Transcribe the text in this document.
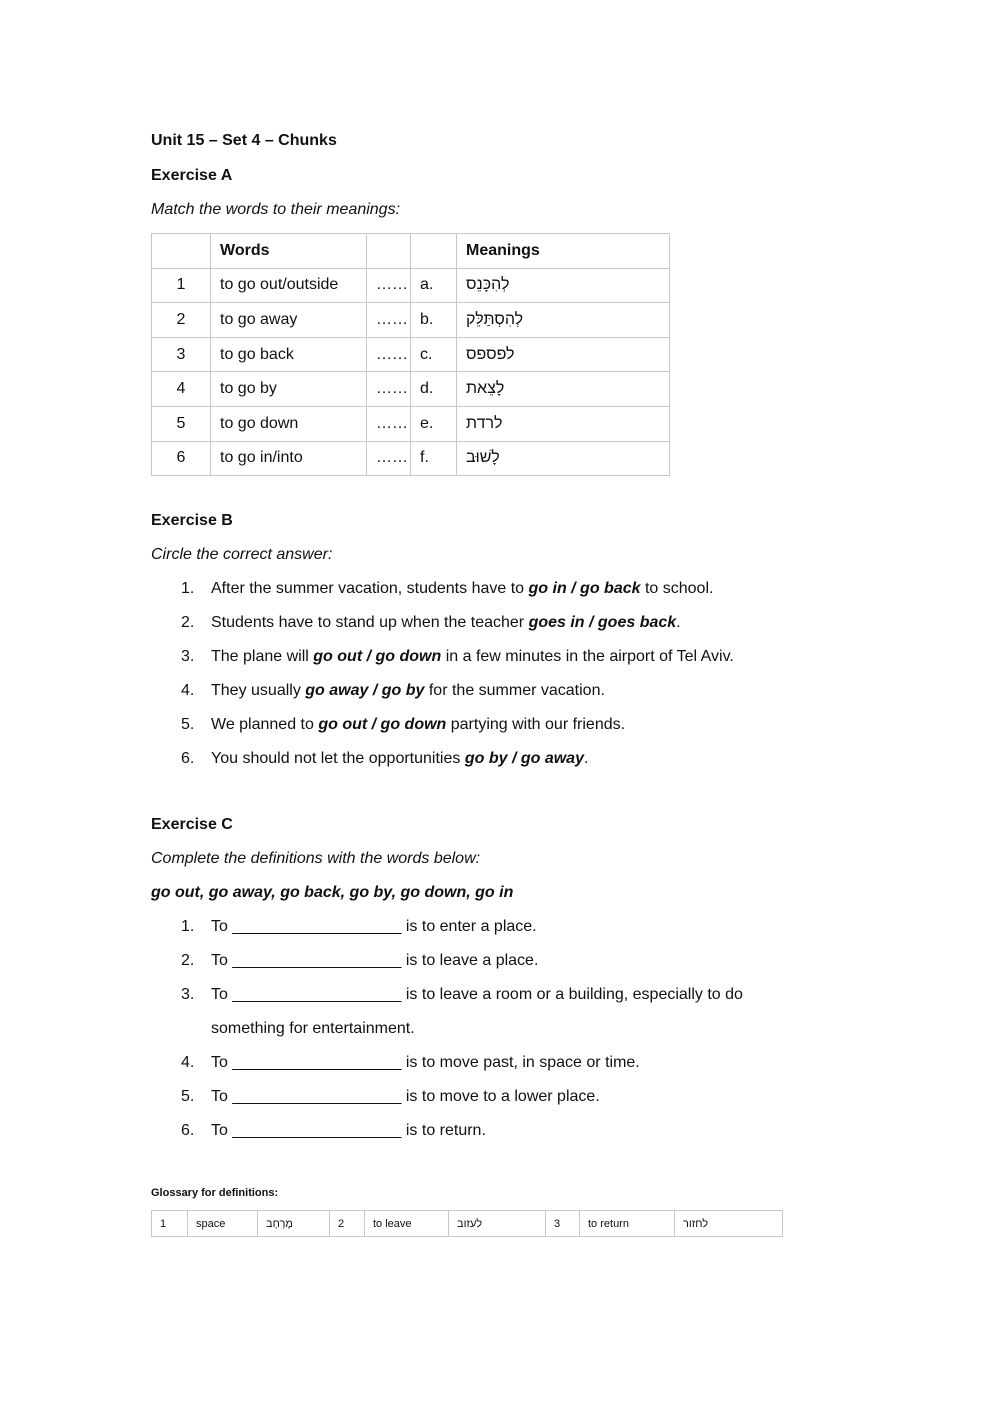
Unit 15 – Set 4 – Chunks
Exercise A
Match the words to their meanings:
	Words			Meanings
1	to go out/outside	……	a.	לְהִכָּנֵס
2	to go away	……	b.	לְהִסְתַּלֵּק
3	to go back	……	c.	לפספס
4	to go by	……	d.	לָצֵאת
5	to go down	……	e.	לרדת
6	to go in/into	……	f.	לָשׁוּב
Exercise B
Circle the correct answer:
1. After the summer vacation, students have to go in / go back to school.
2. Students have to stand up when the teacher goes in / goes back.
3. The plane will go out / go down in a few minutes in the airport of Tel Aviv.
4. They usually go away / go by for the summer vacation.
5. We planned to go out / go down partying with our friends.
6. You should not let the opportunities go by / go away.
Exercise C
Complete the definitions with the words below:
go out, go away, go back, go by, go down, go in
1. To ___________________ is to enter a place.
2. To ___________________ is to leave a place.
3. To ___________________ is to leave a room or a building, especially to do something for entertainment.
4. To ___________________ is to move past, in space or time.
5. To ___________________ is to move to a lower place.
6. To ___________________ is to return.
Glossary for definitions:
1	space	מֶרְחָב	2	to leave	לעזוב	3	to return	לחזור
